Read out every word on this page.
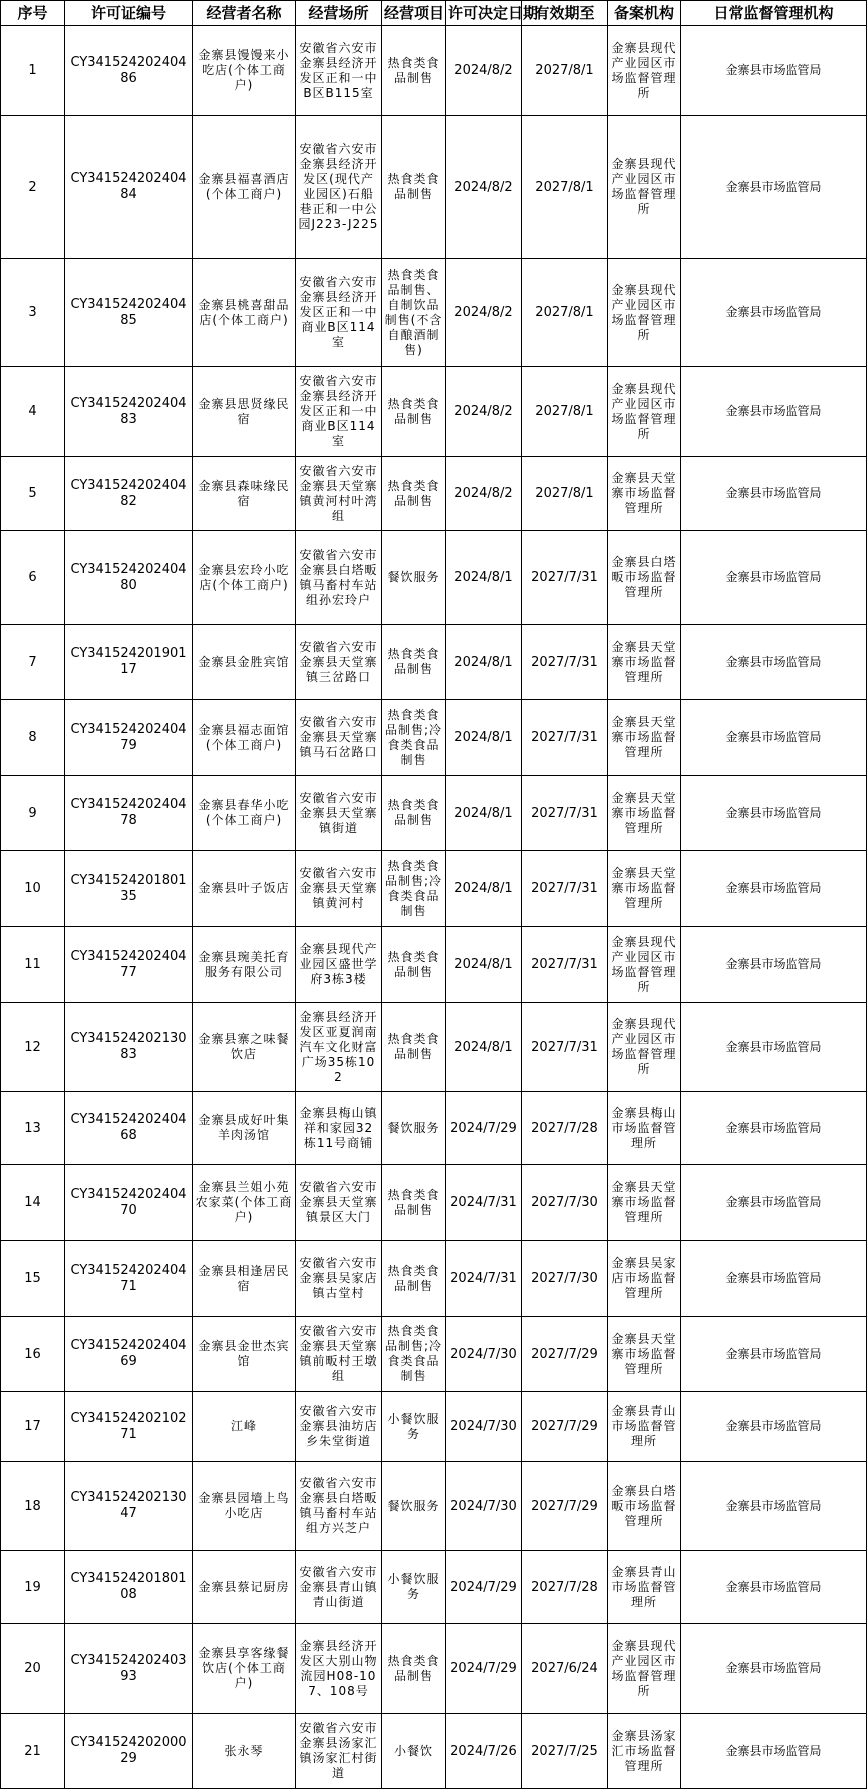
序号	许可证编号	经营者名称	经营场所	经营项目	许可决定日期	有效期至	备案机构	日常监督管理机构
1	CY34152420240486	金寨县馒馒来小吃店(个体工商户)	安徽省六安市金寨县经济开发区正和一中B区B115室	热食类食品制售	2024/8/2	2027/8/1	金寨县现代产业园区市场监督管理所	金寨县市场监管局
2	CY34152420240484	金寨县福喜酒店(个体工商户)	安徽省六安市金寨县经济开发区(现代产业园区)石船巷正和一中公园J223-J225	热食类食品制售	2024/8/2	2027/8/1	金寨县现代产业园区市场监督管理所	金寨县市场监管局
3	CY34152420240485	金寨县桃喜甜品店(个体工商户)	安徽省六安市金寨县经济开发区正和一中商业B区114室	热食类食品制售、自制饮品制售(不含自酿酒制售)	2024/8/2	2027/8/1	金寨县现代产业园区市场监督管理所	金寨县市场监管局
4	CY34152420240483	金寨县思贤缘民宿	安徽省六安市金寨县经济开发区正和一中商业B区114室	热食类食品制售	2024/8/2	2027/8/1	金寨县现代产业园区市场监督管理所	金寨县市场监管局
5	CY34152420240482	金寨县森味缘民宿	安徽省六安市金寨县天堂寨镇黄河村叶湾组	热食类食品制售	2024/8/2	2027/8/1	金寨县天堂寨市场监督管理所	金寨县市场监管局
6	CY34152420240480	金寨县宏玲小吃店(个体工商户)	安徽省六安市金寨县白塔畈镇马畜村车站组孙宏玲户	餐饮服务	2024/8/1	2027/7/31	金寨县白塔畈市场监督管理所	金寨县市场监管局
7	CY34152420190117	金寨县金胜宾馆	安徽省六安市金寨县天堂寨镇三岔路口	热食类食品制售	2024/8/1	2027/7/31	金寨县天堂寨市场监督管理所	金寨县市场监管局
8	CY34152420240479	金寨县福志面馆(个体工商户)	安徽省六安市金寨县天堂寨镇马石岔路口	热食类食品制售;冷食类食品制售	2024/8/1	2027/7/31	金寨县天堂寨市场监督管理所	金寨县市场监管局
9	CY34152420240478	金寨县春华小吃(个体工商户)	安徽省六安市金寨县天堂寨镇街道	热食类食品制售	2024/8/1	2027/7/31	金寨县天堂寨市场监督管理所	金寨县市场监管局
10	CY34152420180135	金寨县叶子饭店	安徽省六安市金寨县天堂寨镇黄河村	热食类食品制售;冷食类食品制售	2024/8/1	2027/7/31	金寨县天堂寨市场监督管理所	金寨县市场监管局
11	CY34152420240477	金寨县琬美托育服务有限公司	金寨县现代产业园区盛世学府3栋3楼	热食类食品制售	2024/8/1	2027/7/31	金寨县现代产业园区市场监督管理所	金寨县市场监管局
12	CY34152420213083	金寨县寨之味餐饮店	金寨县经济开发区亚夏润南汽车文化财富广场35栋102	热食类食品制售	2024/8/1	2027/7/31	金寨县现代产业园区市场监督管理所	金寨县市场监管局
13	CY34152420240468	金寨县成好叶集羊肉汤馆	金寨县梅山镇祥和家园32栋11号商铺	餐饮服务	2024/7/29	2027/7/28	金寨县梅山市场监督管理所	金寨县市场监管局
14	CY34152420240470	金寨县兰姐小苑农家菜(个体工商户)	安徽省六安市金寨县天堂寨镇景区大门	热食类食品制售	2024/7/31	2027/7/30	金寨县天堂寨市场监督管理所	金寨县市场监管局
15	CY34152420240471	金寨县相逢居民宿	安徽省六安市金寨县吴家店镇古堂村	热食类食品制售	2024/7/31	2027/7/30	金寨县吴家店市场监督管理所	金寨县市场监管局
16	CY34152420240469	金寨县金世杰宾馆	安徽省六安市金寨县天堂寨镇前畈村王墩组	热食类食品制售;冷食类食品制售	2024/7/30	2027/7/29	金寨县天堂寨市场监督管理所	金寨县市场监管局
17	CY34152420210271	江峰	安徽省六安市金寨县油坊店乡朱堂街道	小餐饮服务	2024/7/30	2027/7/29	金寨县青山市场监督管理所	金寨县市场监管局
18	CY34152420213047	金寨县园墙上鸟小吃店	安徽省六安市金寨县白塔畈镇马畜村车站组方兴芝户	餐饮服务	2024/7/30	2027/7/29	金寨县白塔畈市场监督管理所	金寨县市场监管局
19	CY34152420180108	金寨县蔡记厨房	安徽省六安市金寨县青山镇青山街道	小餐饮服务	2024/7/29	2027/7/28	金寨县青山市场监督管理所	金寨县市场监管局
20	CY34152420240393	金寨县享客缘餐饮店(个体工商户)	金寨县经济开发区大别山物流园H08-107、108号	热食类食品制售	2024/7/29	2027/6/24	金寨县现代产业园区市场监督管理所	金寨县市场监管局
21	CY34152420200029	张永琴	安徽省六安市金寨县汤家汇镇汤家汇村街道	小餐饮	2024/7/26	2027/7/25	金寨县汤家汇市场监督管理所	金寨县市场监管局
